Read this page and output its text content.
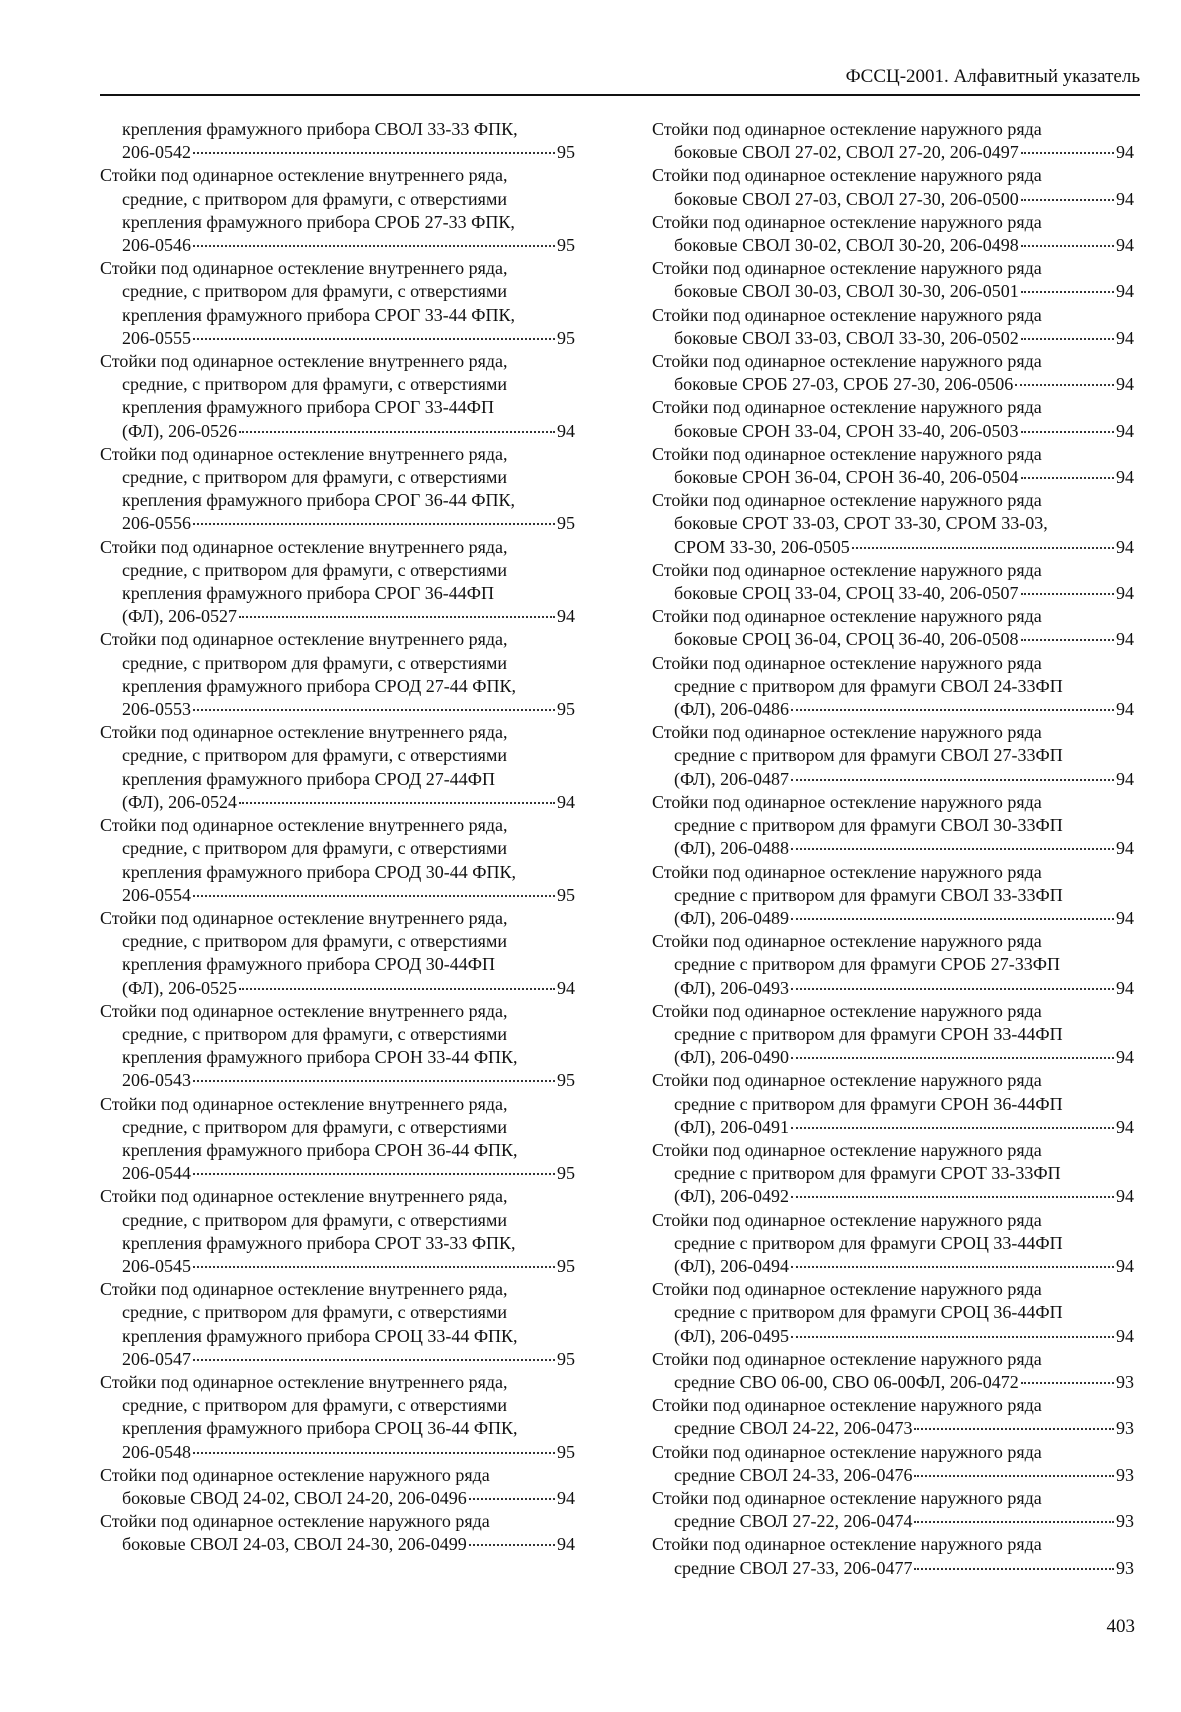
ФССЦ-2001. Алфавитный указатель
крепления фрамужного прибора СВОЛ 33-33 ФПК,
206-0542	95
Стойки под одинарное остекление внутреннего ряда,
средние, с притвором для фрамуги, с отверстиями
крепления фрамужного прибора СРОБ 27-33 ФПК,
206-0546	95
Стойки под одинарное остекление внутреннего ряда,
средние, с притвором для фрамуги, с отверстиями
крепления фрамужного прибора СРОГ 33-44 ФПК,
206-0555	95
Стойки под одинарное остекление внутреннего ряда,
средние, с притвором для фрамуги, с отверстиями
крепления фрамужного прибора СРОГ 33-44ФП
(ФЛ), 206-0526	94
Стойки под одинарное остекление внутреннего ряда,
средние, с притвором для фрамуги, с отверстиями
крепления фрамужного прибора СРОГ 36-44 ФПК,
206-0556	95
Стойки под одинарное остекление внутреннего ряда,
средние, с притвором для фрамуги, с отверстиями
крепления фрамужного прибора СРОГ 36-44ФП
(ФЛ), 206-0527	94
Стойки под одинарное остекление внутреннего ряда,
средние, с притвором для фрамуги, с отверстиями
крепления фрамужного прибора СРОД 27-44 ФПК,
206-0553	95
Стойки под одинарное остекление внутреннего ряда,
средние, с притвором для фрамуги, с отверстиями
крепления фрамужного прибора СРОД 27-44ФП
(ФЛ), 206-0524	94
Стойки под одинарное остекление внутреннего ряда,
средние, с притвором для фрамуги, с отверстиями
крепления фрамужного прибора СРОД 30-44 ФПК,
206-0554	95
Стойки под одинарное остекление внутреннего ряда,
средние, с притвором для фрамуги, с отверстиями
крепления фрамужного прибора СРОД 30-44ФП
(ФЛ), 206-0525	94
Стойки под одинарное остекление внутреннего ряда,
средние, с притвором для фрамуги, с отверстиями
крепления фрамужного прибора СРОН 33-44 ФПК,
206-0543	95
Стойки под одинарное остекление внутреннего ряда,
средние, с притвором для фрамуги, с отверстиями
крепления фрамужного прибора СРОН 36-44 ФПК,
206-0544	95
Стойки под одинарное остекление внутреннего ряда,
средние, с притвором для фрамуги, с отверстиями
крепления фрамужного прибора СРОТ 33-33 ФПК,
206-0545	95
Стойки под одинарное остекление внутреннего ряда,
средние, с притвором для фрамуги, с отверстиями
крепления фрамужного прибора СРОЦ 33-44 ФПК,
206-0547	95
Стойки под одинарное остекление внутреннего ряда,
средние, с притвором для фрамуги, с отверстиями
крепления фрамужного прибора СРОЦ 36-44 ФПК,
206-0548	95
Стойки под одинарное остекление наружного ряда
боковые СВОД 24-02, СВОЛ 24-20, 206-0496	94
Стойки под одинарное остекление наружного ряда
боковые СВОЛ 24-03, СВОЛ 24-30, 206-0499	94
Стойки под одинарное остекление наружного ряда
боковые СВОЛ 27-02, СВОЛ 27-20, 206-0497	94
Стойки под одинарное остекление наружного ряда
боковые СВОЛ 27-03, СВОЛ 27-30, 206-0500	94
Стойки под одинарное остекление наружного ряда
боковые СВОЛ 30-02, СВОЛ 30-20, 206-0498	94
Стойки под одинарное остекление наружного ряда
боковые СВОЛ 30-03, СВОЛ 30-30, 206-0501	94
Стойки под одинарное остекление наружного ряда
боковые СВОЛ 33-03, СВОЛ 33-30, 206-0502	94
Стойки под одинарное остекление наружного ряда
боковые СРОБ 27-03, СРОБ 27-30, 206-0506	94
Стойки под одинарное остекление наружного ряда
боковые СРОН 33-04, СРОН 33-40, 206-0503	94
Стойки под одинарное остекление наружного ряда
боковые СРОН 36-04, СРОН 36-40, 206-0504	94
Стойки под одинарное остекление наружного ряда
боковые СРОТ 33-03, СРОТ 33-30, СРОМ 33-03,
СРОМ 33-30, 206-0505	94
Стойки под одинарное остекление наружного ряда
боковые СРОЦ 33-04, СРОЦ 33-40, 206-0507	94
Стойки под одинарное остекление наружного ряда
боковые СРОЦ 36-04, СРОЦ 36-40, 206-0508	94
Стойки под одинарное остекление наружного ряда
средние с притвором для фрамуги СВОЛ 24-33ФП
(ФЛ), 206-0486	94
Стойки под одинарное остекление наружного ряда
средние с притвором для фрамуги СВОЛ 27-33ФП
(ФЛ), 206-0487	94
Стойки под одинарное остекление наружного ряда
средние с притвором для фрамуги СВОЛ 30-33ФП
(ФЛ), 206-0488	94
Стойки под одинарное остекление наружного ряда
средние с притвором для фрамуги СВОЛ 33-33ФП
(ФЛ), 206-0489	94
Стойки под одинарное остекление наружного ряда
средние с притвором для фрамуги СРОБ 27-33ФП
(ФЛ), 206-0493	94
Стойки под одинарное остекление наружного ряда
средние с притвором для фрамуги СРОН 33-44ФП
(ФЛ), 206-0490	94
Стойки под одинарное остекление наружного ряда
средние с притвором для фрамуги СРОН 36-44ФП
(ФЛ), 206-0491	94
Стойки под одинарное остекление наружного ряда
средние с притвором для фрамуги СРОТ 33-33ФП
(ФЛ), 206-0492	94
Стойки под одинарное остекление наружного ряда
средние с притвором для фрамуги СРОЦ 33-44ФП
(ФЛ), 206-0494	94
Стойки под одинарное остекление наружного ряда
средние с притвором для фрамуги СРОЦ 36-44ФП
(ФЛ), 206-0495	94
Стойки под одинарное остекление наружного ряда
средние СВО 06-00, СВО 06-00ФЛ, 206-0472	93
Стойки под одинарное остекление наружного ряда
средние СВОЛ 24-22, 206-0473	93
Стойки под одинарное остекление наружного ряда
средние СВОЛ 24-33, 206-0476	93
Стойки под одинарное остекление наружного ряда
средние СВОЛ 27-22, 206-0474	93
Стойки под одинарное остекление наружного ряда
средние СВОЛ 27-33, 206-0477	93
403
